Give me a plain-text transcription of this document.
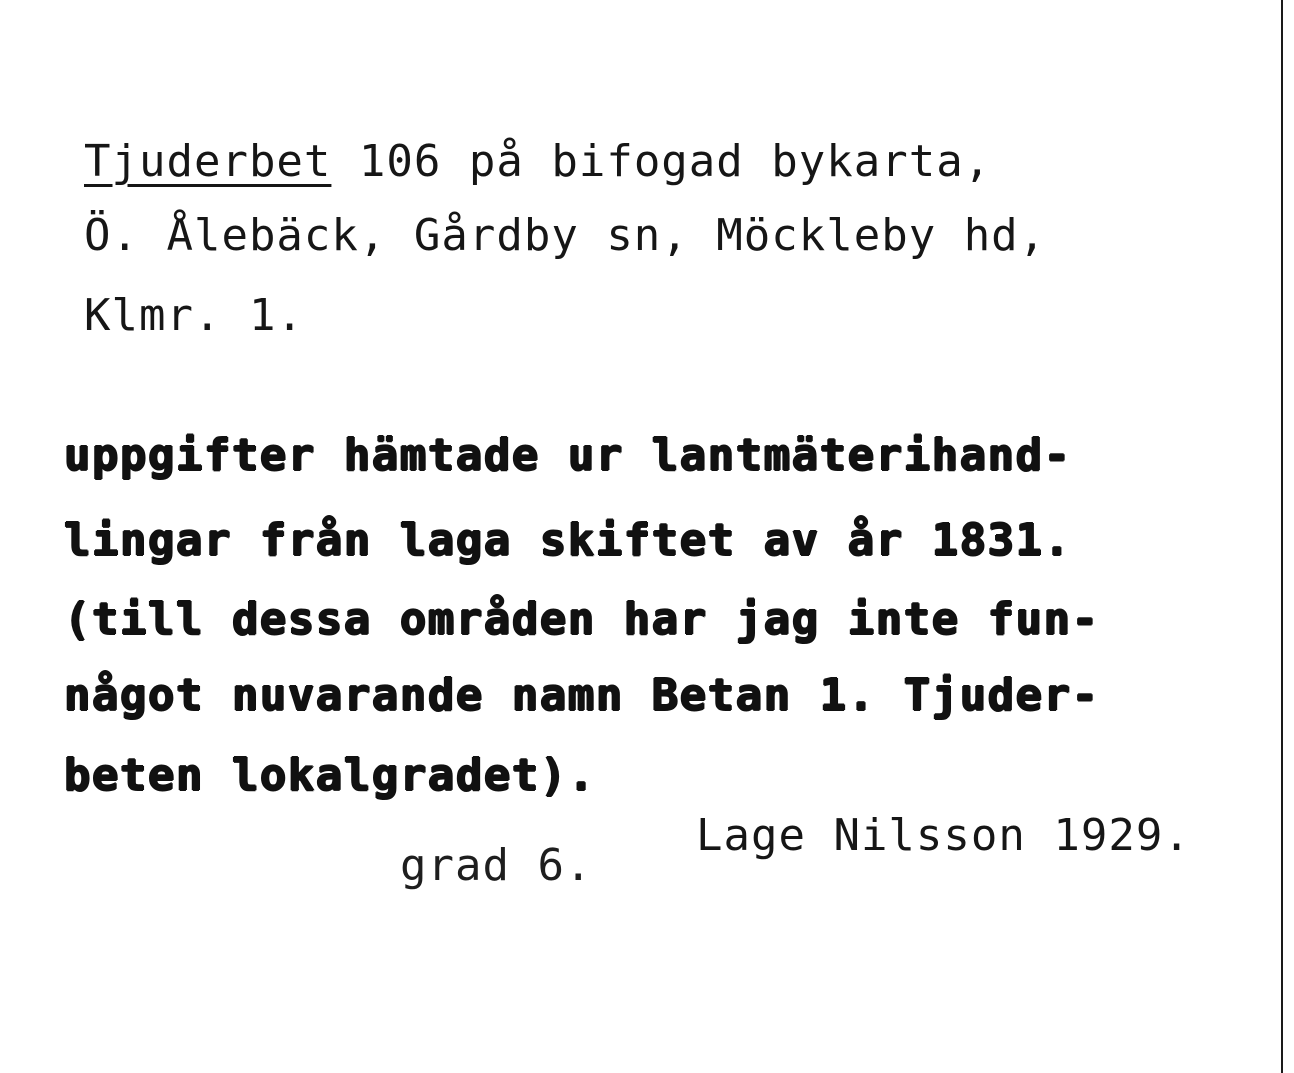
Tjuderbet 106 på bifogad bykarta,
Ö. Ålebäck, Gårdby sn, Möckleby hd,
Klmr. 1.
uppgifter hämtade ur lantmäterihand-
lingar från laga skiftet av år 1831.
(till dessa områden har jag inte fun-
något nuvarande namn Betan 1. Tjuder-
beten lokalgradet).
Lage Nilsson 1929.
grad 6.
